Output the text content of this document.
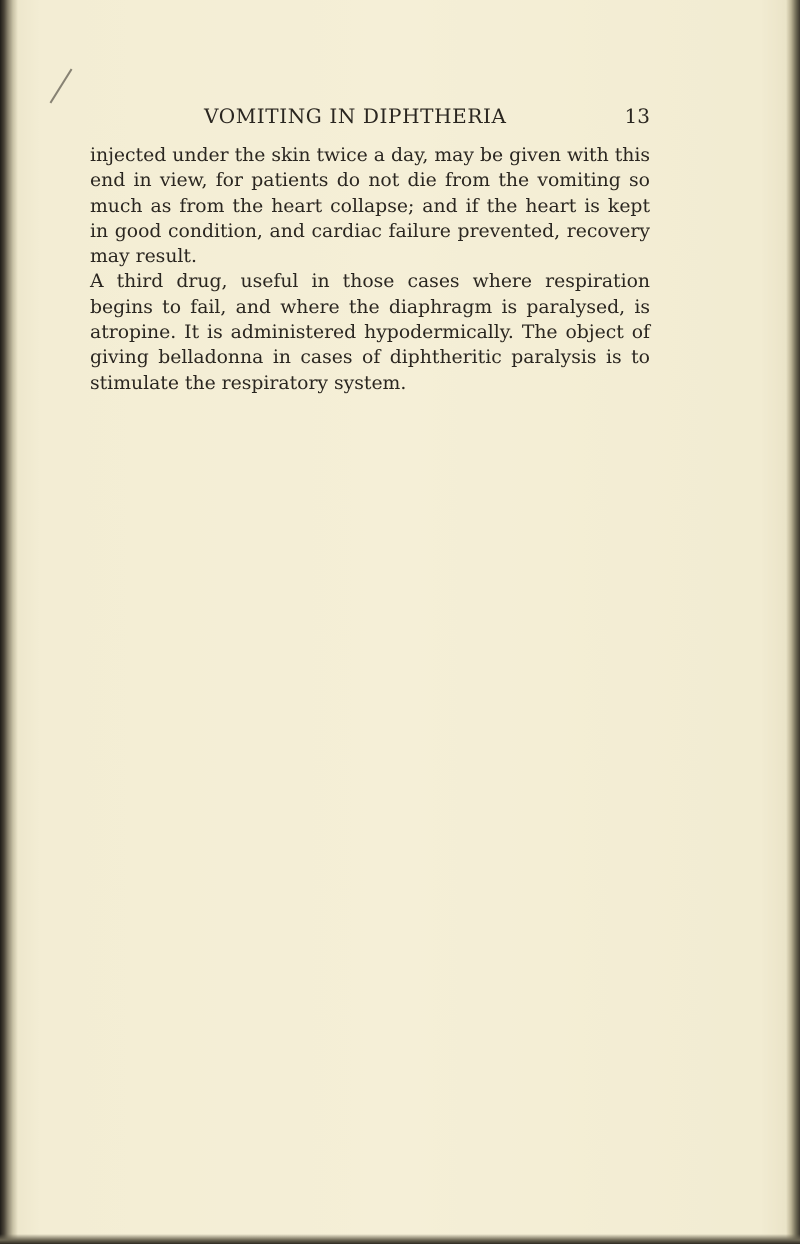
VOMITING IN DIPHTHERIA	13

injected under the skin twice a day, may be given with this end in view, for patients do not die from the vomiting so much as from the heart collapse; and if the heart is kept in good condition, and cardiac failure prevented, recovery may result.

A third drug, useful in those cases where respiration begins to fail, and where the diaphragm is paralysed, is atropine. It is administered hypodermically. The object of giving belladonna in cases of diphtheritic paralysis is to stimulate the respiratory system.
